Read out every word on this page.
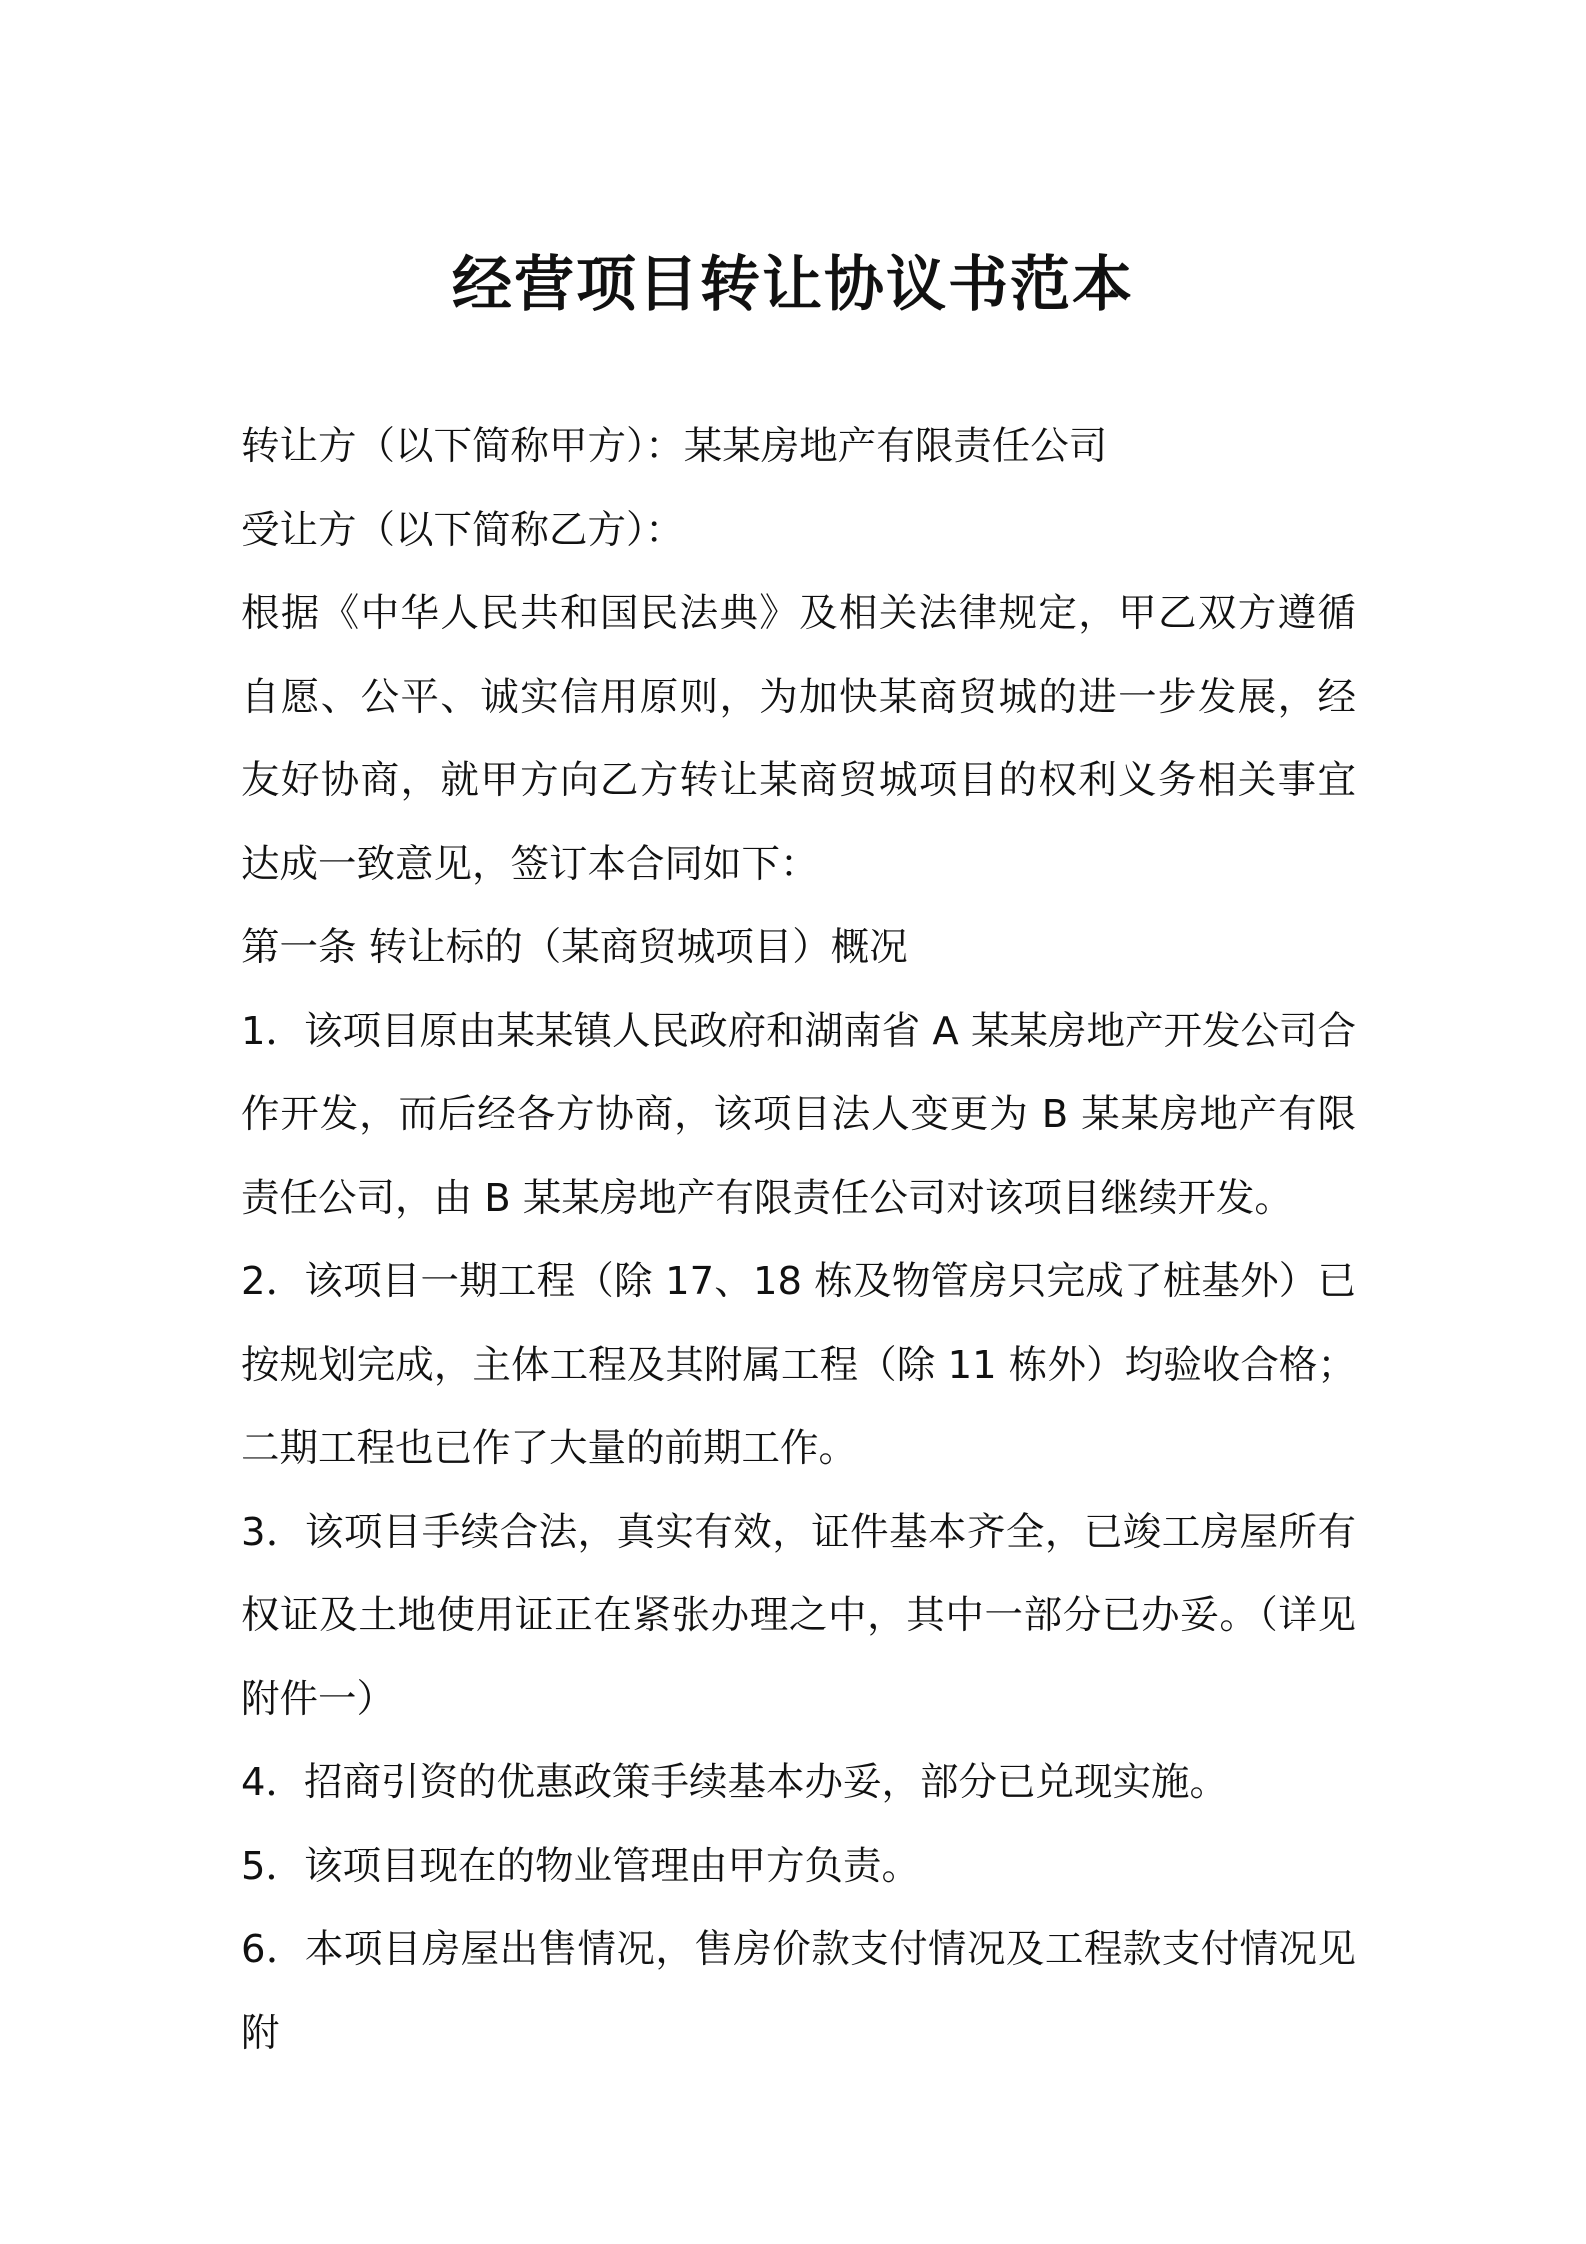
经营项目转让协议书范本

转让方（以下简称甲方）：某某房地产有限责任公司

受让方（以下简称乙方）：

根据《中华人民共和国民法典》及相关法律规定，甲乙双方遵循自愿、公平、诚实信用原则，为加快某商贸城的进一步发展，经友好协商，就甲方向乙方转让某商贸城项目的权利义务相关事宜达成一致意见，签订本合同如下：

第一条 转让标的（某商贸城项目）概况

1．该项目原由某某镇人民政府和湖南省 A 某某房地产开发公司合作开发，而后经各方协商，该项目法人变更为 B 某某房地产有限责任公司，由 B 某某房地产有限责任公司对该项目继续开发。

2．该项目一期工程（除 17、18 栋及物管房只完成了桩基外）已按规划完成，主体工程及其附属工程（除 11 栋外）均验收合格；二期工程也已作了大量的前期工作。

3．该项目手续合法，真实有效，证件基本齐全，已竣工房屋所有权证及土地使用证正在紧张办理之中，其中一部分已办妥。（详见附件一）

4．招商引资的优惠政策手续基本办妥，部分已兑现实施。

5．该项目现在的物业管理由甲方负责。

6．本项目房屋出售情况，售房价款支付情况及工程款支付情况见附
